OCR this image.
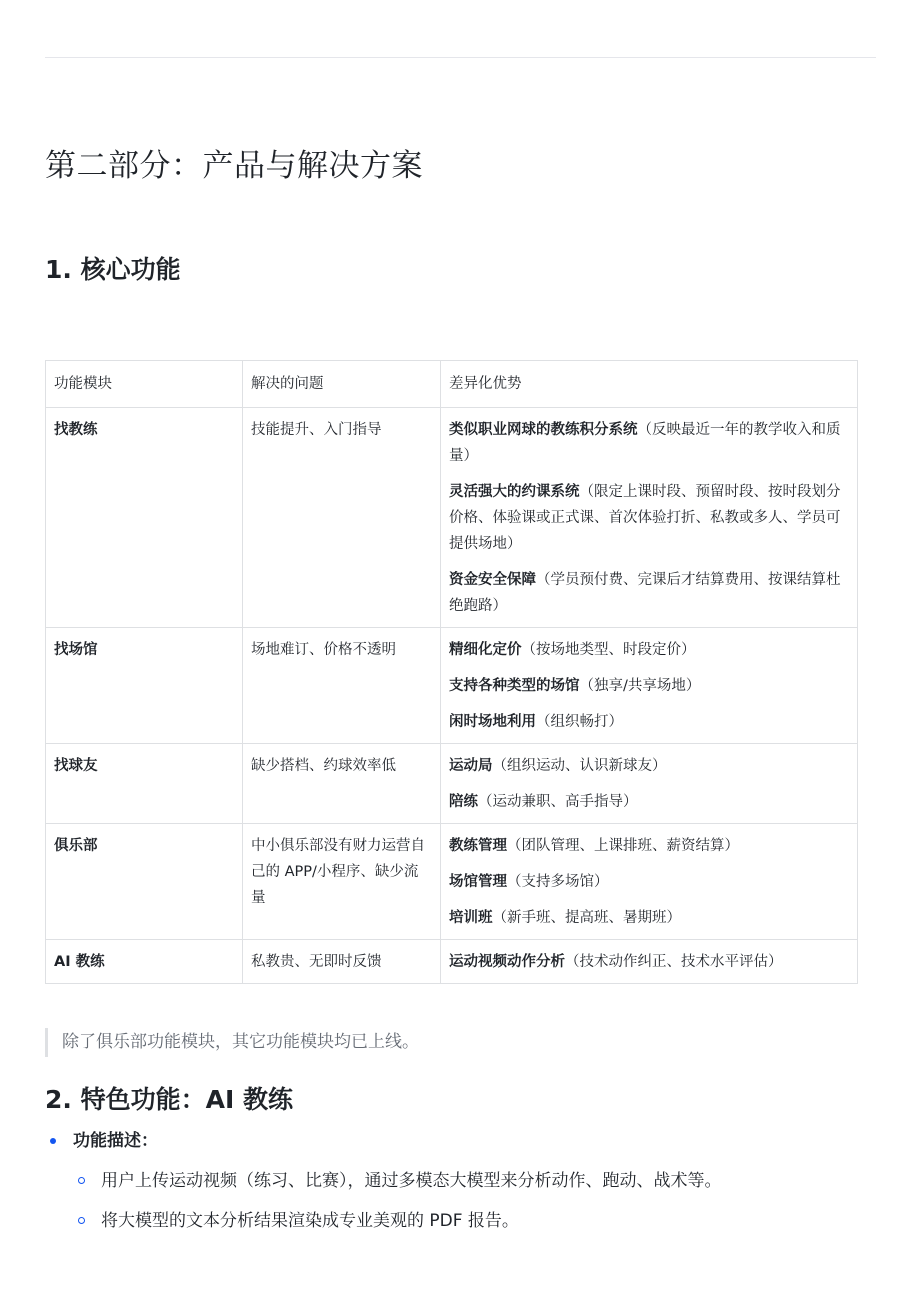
第二部分：产品与解决方案
1. 核心功能
功能模块	解决的问题	差异化优势
找教练	技能提升、入门指导	类似职业网球的教练积分系统（反映最近一年的教学收入和质量）

灵活强大的约课系统（限定上课时段、预留时段、按时段划分价格、体验课或正式课、首次体验打折、私教或多人、学员可提供场地）

资金安全保障（学员预付费、完课后才结算费用、按课结算杜绝跑路）

找场馆	场地难订、价格不透明	精细化定价（按场地类型、时段定价）

支持各种类型的场馆（独享/共享场地）

闲时场地利用（组织畅打）

找球友	缺少搭档、约球效率低	运动局（组织运动、认识新球友）

陪练（运动兼职、高手指导）

俱乐部	中小俱乐部没有财力运营自己的 APP/小程序、缺少流量	教练管理（团队管理、上课排班、薪资结算）

场馆管理（支持多场馆）

培训班（新手班、提高班、暑期班）

AI 教练	私教贵、无即时反馈	运动视频动作分析（技术动作纠正、技术水平评估）

除了俱乐部功能模块，其它功能模块均已上线。
2. 特色功能：AI 教练
功能描述：
用户上传运动视频（练习、比赛），通过多模态大模型来分析动作、跑动、战术等。
将大模型的文本分析结果渲染成专业美观的 PDF 报告。
